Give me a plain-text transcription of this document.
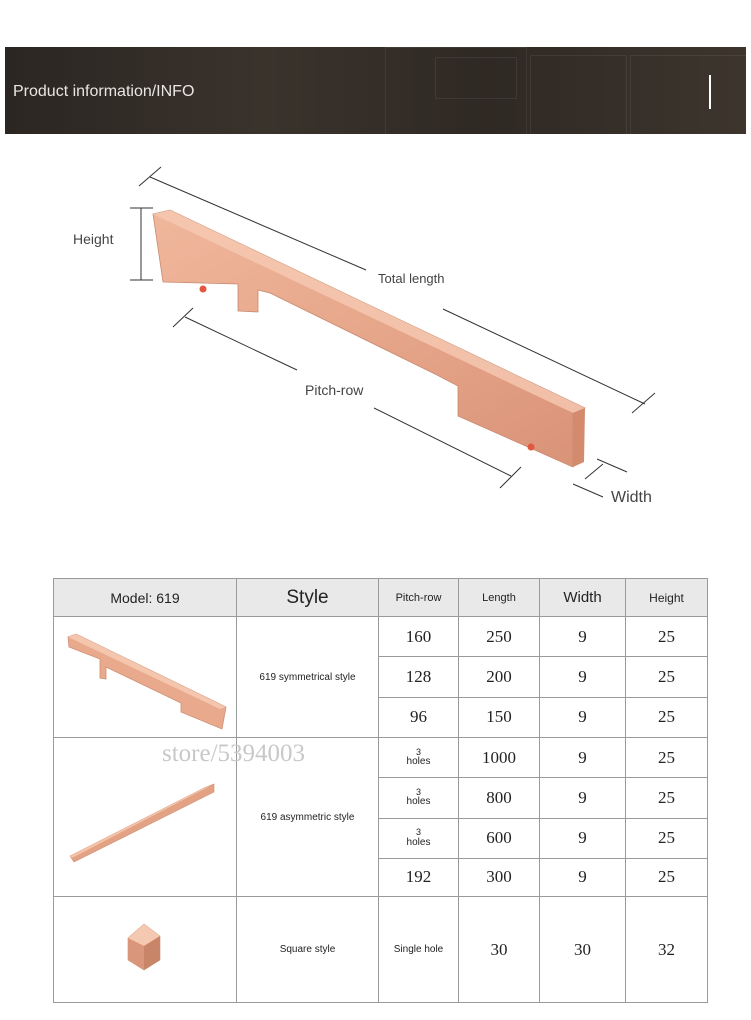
Product information/INFO
Height
Total length
Pitch-row
Width
Model: 619	Style	Pitch-row	Length	Width	Height

	619 symmetrical style	160	250	9	25
		128	200	9	25
		96	150	9	25

store/5394003	619 asymmetric style	3
holes	1000	9	25

		3
holes	800	9	25

		3
holes	600	9	25
		192	300	9	25

	Square style	Single hole	30	30	32
